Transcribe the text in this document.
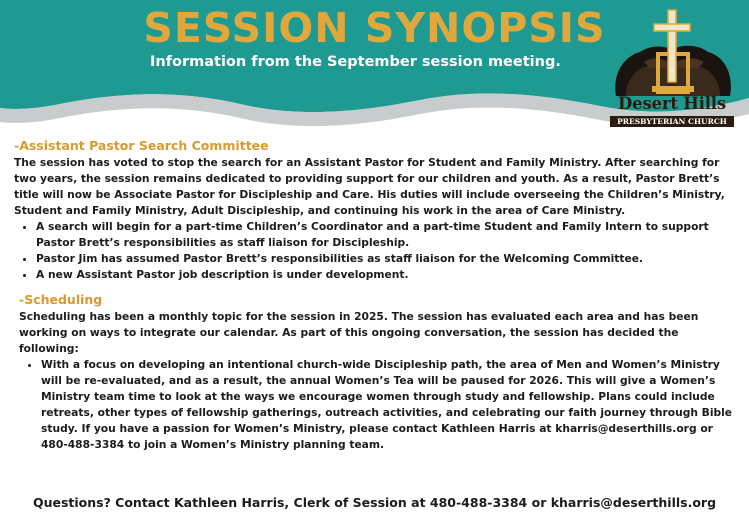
SESSION SYNOPSIS
Information from the September session meeting.
Desert Hills
PRESBYTERIAN CHURCH
-Assistant Pastor Search Committee

The session has voted to stop the search for an Assistant Pastor for Student and Family Ministry. After searching for two years, the session remains dedicated to providing support for our children and youth. As a result, Pastor Brett’s title will now be Associate Pastor for Discipleship and Care. His duties will include overseeing the Children’s Ministry, Student and Family Ministry, Adult Discipleship, and continuing his work in the area of Care Ministry.

• A search will begin for a part-time Children’s Coordinator and a part-time Student and Family Intern to support Pastor Brett’s responsibilities as staff liaison for Discipleship.
• Pastor Jim has assumed Pastor Brett’s responsibilities as staff liaison for the Welcoming Committee.
• A new Assistant Pastor job description is under development.
-Scheduling

Scheduling has been a monthly topic for the session in 2025. The session has evaluated each area and has been working on ways to integrate our calendar. As part of this ongoing conversation, the session has decided the following:

• With a focus on developing an intentional church-wide Discipleship path, the area of Men and Women’s Ministry will be re-evaluated, and as a result, the annual Women’s Tea will be paused for 2026. This will give a Women’s Ministry team time to look at the ways we encourage women through study and fellowship. Plans could include retreats, other types of fellowship gatherings, outreach activities, and celebrating our faith journey through Bible study. If you have a passion for Women’s Ministry, please contact Kathleen Harris at kharris@deserthills.org or 480-488-3384 to join a Women’s Ministry planning team.
Questions? Contact Kathleen Harris, Clerk of Session at 480-488-3384 or kharris@deserthills.org
